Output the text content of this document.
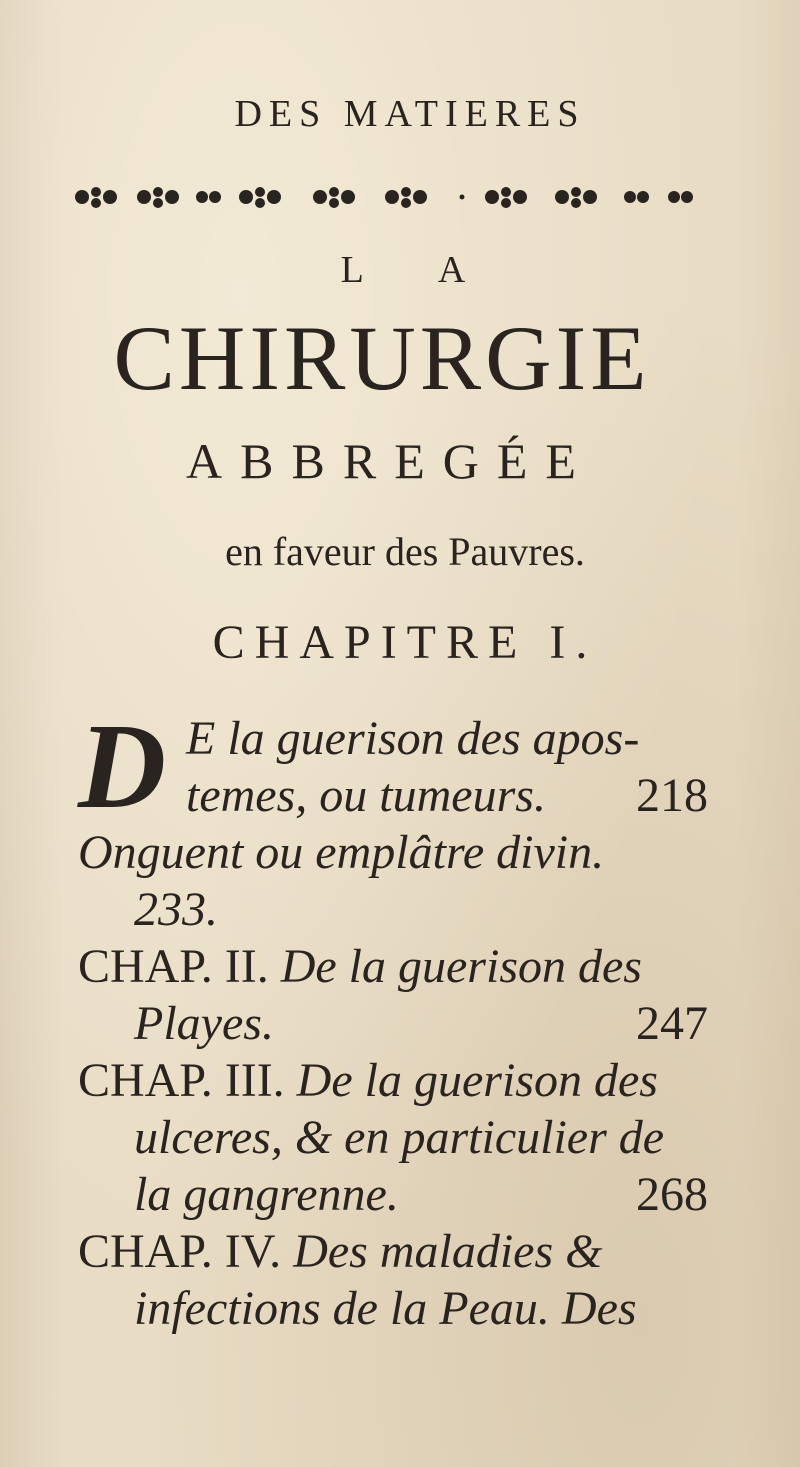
DES MATIERES
L A
CHIRURGIE
ABBREGÉE
en faveur des Pauvres.
CHAPITRE I.
D E la guerison des apos-
temes, ou tumeurs. 218
Onguent ou emplâtre divin.
233.
CHAP. II. De la guerison des
Playes.	247
CHAP. III. De la guerison des
ulceres, & en particulier de
la gangrenne.	268
CHAP. IV. Des maladies &
infections de la Peau. Des
